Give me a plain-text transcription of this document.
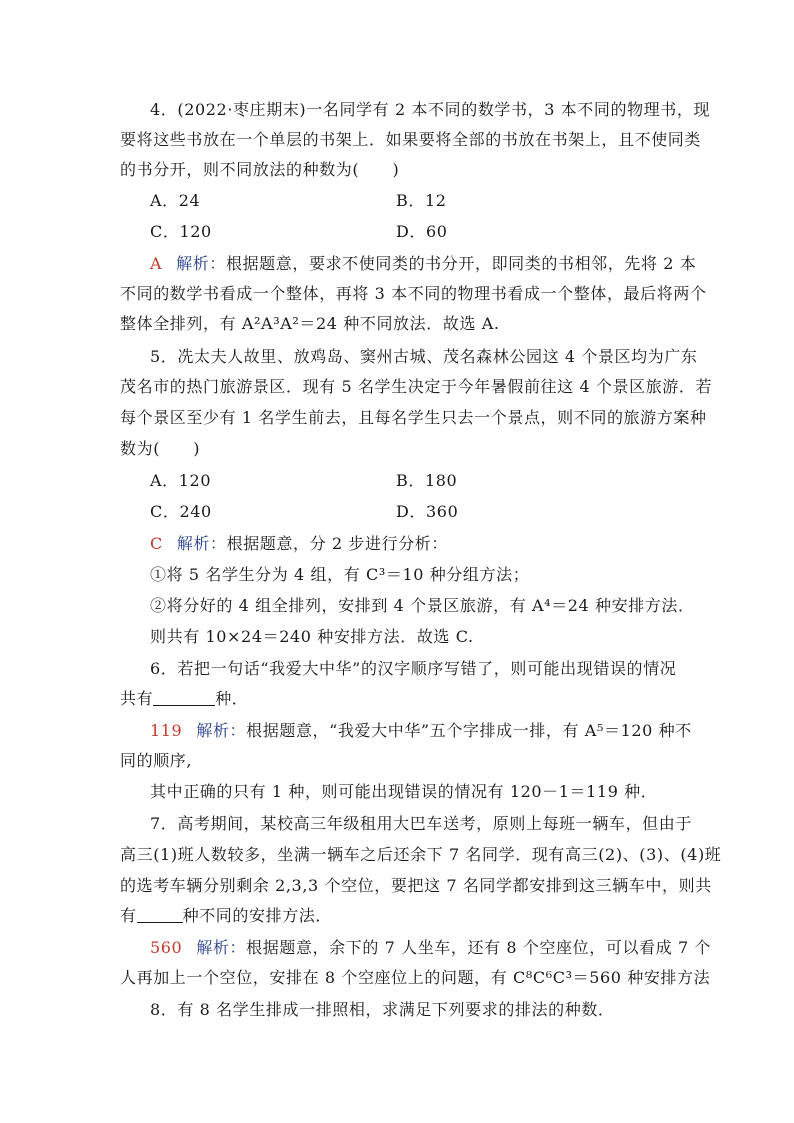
4．(2022·枣庄期末)一名同学有 2 本不同的数学书，3 本不同的物理书，现
要将这些书放在一个单层的书架上．如果要将全部的书放在书架上，且不使同类
的书分开，则不同放法的种数为(　　)
A．24	B．12
C．120	D．60
A 解析：根据题意，要求不使同类的书分开，即同类的书相邻，先将 2 本
不同的数学书看成一个整体，再将 3 本不同的物理书看成一个整体，最后将两个
整体全排列，有 A²A³A²＝24 种不同放法．故选 A.
5．冼太夫人故里、放鸡岛、窦州古城、茂名森林公园这 4 个景区均为广东
茂名市的热门旅游景区．现有 5 名学生决定于今年暑假前往这 4 个景区旅游．若
每个景区至少有 1 名学生前去，且每名学生只去一个景点，则不同的旅游方案种
数为(　　)
A．120	B．180
C．240	D．360
C 解析：根据题意，分 2 步进行分析：
①将 5 名学生分为 4 组，有 C³＝10 种分组方法；
②将分好的 4 组全排列，安排到 4 个景区旅游，有 A⁴＝24 种安排方法．
则共有 10×24＝240 种安排方法．故选 C.
6．若把一句话“我爱大中华”的汉字顺序写错了，则可能出现错误的情况
共有	种．
119 解析：根据题意，“我爱大中华”五个字排成一排，有 A⁵＝120 种不
同的顺序,
其中正确的只有 1 种，则可能出现错误的情况有 120－1＝119 种．
7．高考期间，某校高三年级租用大巴车送考，原则上每班一辆车，但由于
高三(1)班人数较多，坐满一辆车之后还余下 7 名同学．现有高三(2)、(3)、(4)班
的选考车辆分别剩余 2,3,3 个空位，要把这 7 名同学都安排到这三辆车中，则共
有	种不同的安排方法．
560 解析：根据题意，余下的 7 人坐车，还有 8 个空座位，可以看成 7 个
人再加上一个空位，安排在 8 个空座位上的问题，有 C⁸C⁶C³＝560 种安排方法
8．有 8 名学生排成一排照相，求满足下列要求的排法的种数．
